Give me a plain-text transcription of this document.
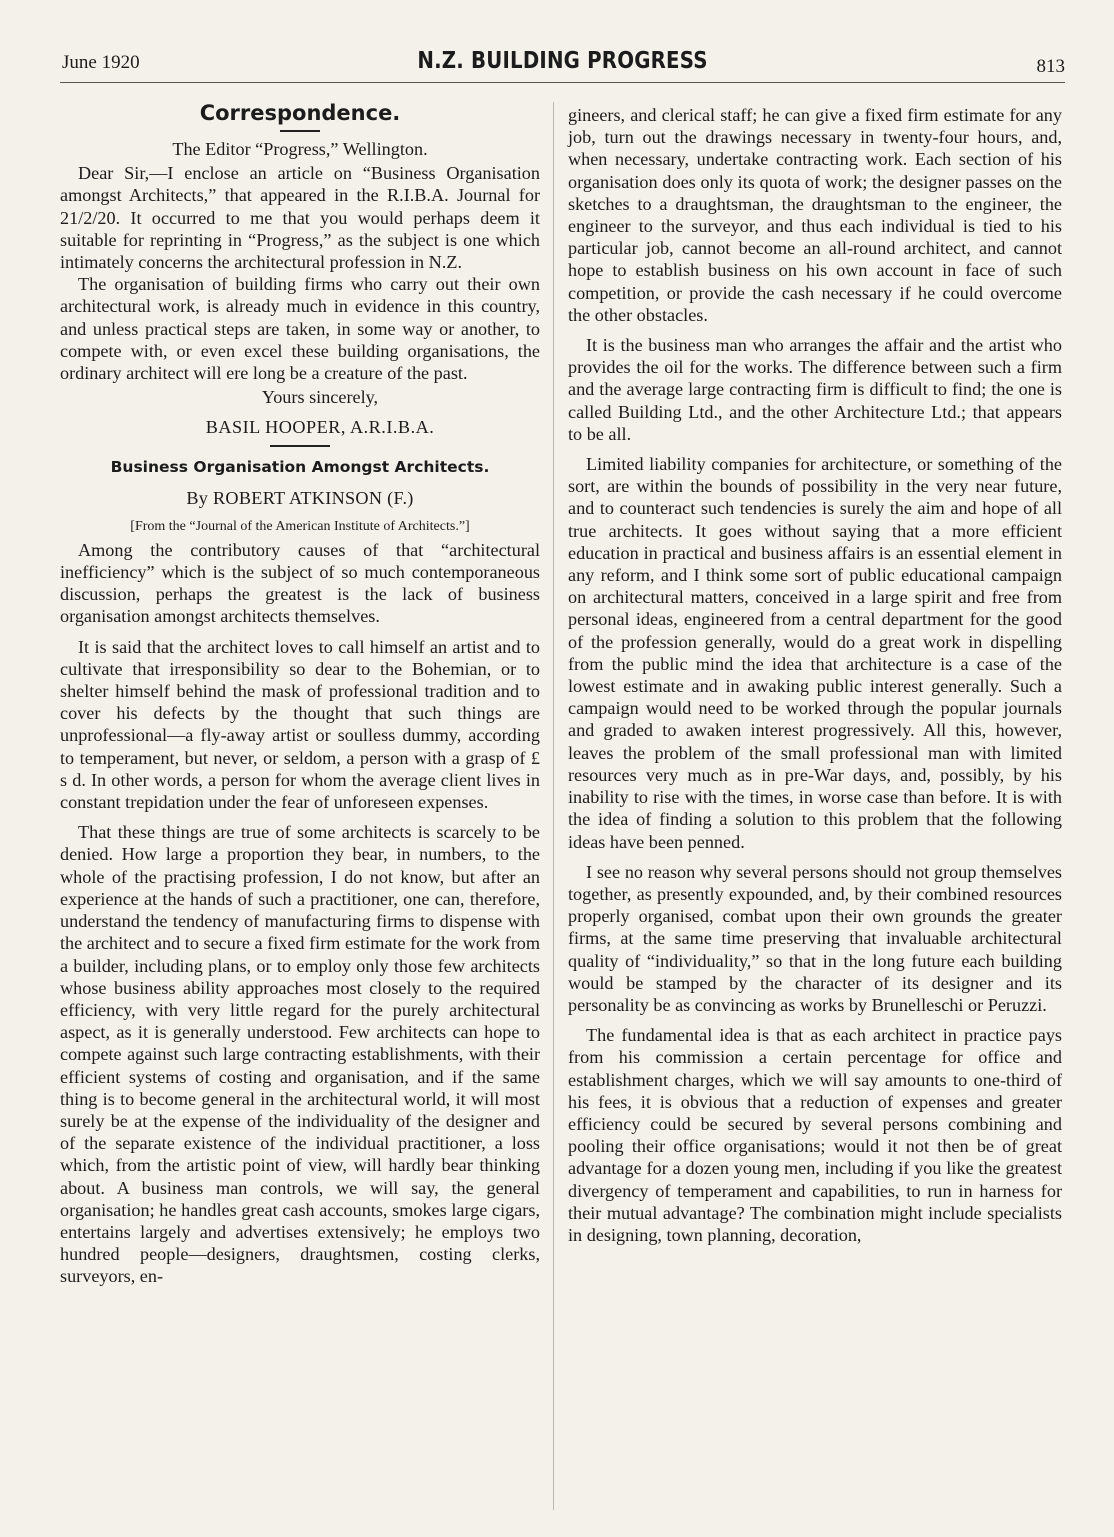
June 1920	N.Z. BUILDING PROGRESS	813
Correspondence.

The Editor “Progress,” Wellington.

Dear Sir,—I enclose an article on “Business Organisation amongst Architects,” that appeared in the R.I.B.A. Journal for 21/2/20. It occurred to me that you would perhaps deem it suitable for reprinting in “Progress,” as the subject is one which intimately concerns the architectural profession in N.Z.

The organisation of building firms who carry out their own architectural work, is already much in evidence in this country, and unless practical steps are taken, in some way or another, to compete with, or even excel these building organisations, the ordinary architect will ere long be a creature of the past.

Yours sincerely,

BASIL HOOPER, A.R.I.B.A.

Business Organisation Amongst Architects.

By ROBERT ATKINSON (F.)

[From the “Journal of the American Institute of Architects.”]

Among the contributory causes of that “architectural inefficiency” which is the subject of so much contemporaneous discussion, perhaps the greatest is the lack of business organisation amongst architects themselves.

It is said that the architect loves to call himself an artist and to cultivate that irresponsibility so dear to the Bohemian, or to shelter himself behind the mask of professional tradition and to cover his defects by the thought that such things are unprofessional—a fly-away artist or soulless dummy, according to temperament, but never, or seldom, a person with a grasp of £ s d. In other words, a person for whom the average client lives in constant trepidation under the fear of unforeseen expenses.

That these things are true of some architects is scarcely to be denied. How large a proportion they bear, in numbers, to the whole of the practising profession, I do not know, but after an experience at the hands of such a practitioner, one can, therefore, understand the tendency of manufacturing firms to dispense with the architect and to secure a fixed firm estimate for the work from a builder, including plans, or to employ only those few architects whose business ability approaches most closely to the required efficiency, with very little regard for the purely architectural aspect, as it is generally understood. Few architects can hope to compete against such large contracting establishments, with their efficient systems of costing and organisation, and if the same thing is to become general in the architectural world, it will most surely be at the expense of the individuality of the designer and of the separate existence of the individual practitioner, a loss which, from the artistic point of view, will hardly bear thinking about. A business man controls, we will say, the general organisation; he handles great cash accounts, smokes large cigars, entertains largely and advertises extensively; he employs two hundred people—designers, draughtsmen, costing clerks, surveyors, en-

gineers, and clerical staff; he can give a fixed firm estimate for any job, turn out the drawings necessary in twenty-four hours, and, when necessary, undertake contracting work. Each section of his organisation does only its quota of work; the designer passes on the sketches to a draughtsman, the draughtsman to the engineer, the engineer to the surveyor, and thus each individual is tied to his particular job, cannot become an all-round architect, and cannot hope to establish business on his own account in face of such competition, or provide the cash necessary if he could overcome the other obstacles.

It is the business man who arranges the affair and the artist who provides the oil for the works. The difference between such a firm and the average large contracting firm is difficult to find; the one is called Building Ltd., and the other Architecture Ltd.; that appears to be all.

Limited liability companies for architecture, or something of the sort, are within the bounds of possibility in the very near future, and to counteract such tendencies is surely the aim and hope of all true architects. It goes without saying that a more efficient education in practical and business affairs is an essential element in any reform, and I think some sort of public educational campaign on architectural matters, conceived in a large spirit and free from personal ideas, engineered from a central department for the good of the profession generally, would do a great work in dispelling from the public mind the idea that architecture is a case of the lowest estimate and in awaking public interest generally. Such a campaign would need to be worked through the popular journals and graded to awaken interest progressively. All this, however, leaves the problem of the small professional man with limited resources very much as in pre-War days, and, possibly, by his inability to rise with the times, in worse case than before. It is with the idea of finding a solution to this problem that the following ideas have been penned.

I see no reason why several persons should not group themselves together, as presently expounded, and, by their combined resources properly organised, combat upon their own grounds the greater firms, at the same time preserving that invaluable architectural quality of “individuality,” so that in the long future each building would be stamped by the character of its designer and its personality be as convincing as works by Brunelleschi or Peruzzi.

The fundamental idea is that as each architect in practice pays from his commission a certain percentage for office and establishment charges, which we will say amounts to one-third of his fees, it is obvious that a reduction of expenses and greater efficiency could be secured by several persons combining and pooling their office organisations; would it not then be of great advantage for a dozen young men, including if you like the greatest divergency of temperament and capabilities, to run in harness for their mutual advantage? The combination might include specialists in designing, town planning, decoration,
